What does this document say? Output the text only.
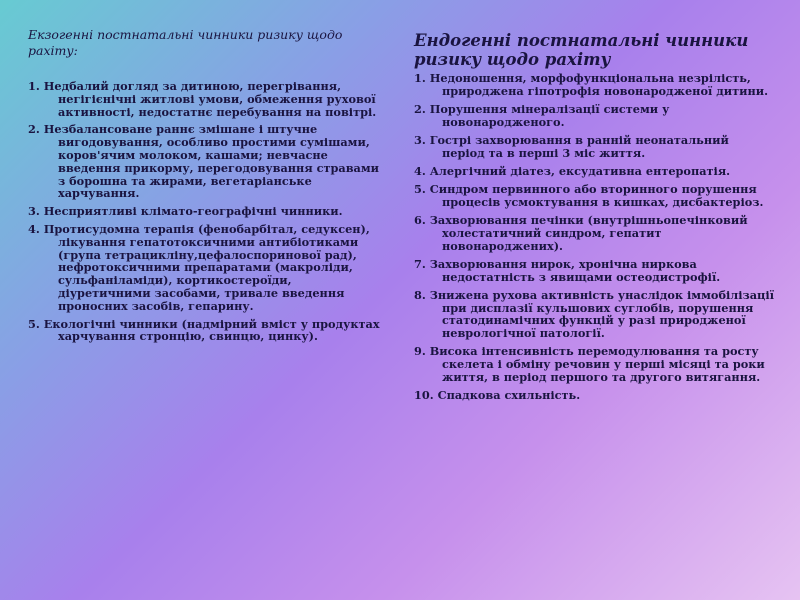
Екзогенні постнатальні чинники ризику щодо рахіту:
1. Недбалий догляд за дитиною, перегрівання, негігієнічні житлові умови, обмеження рухової активності, недостатнє перебування на повітрі.
2. Незбалансоване раннє змішане і штучне вигодовування, особливо простими сумішами, коров'ячим молоком, кашами; невчасне введення прикорму, перегодовування стравами з борошна та жирами, вегетаріанське харчування.
3. Несприятливі кліматo-географічні чинники.
4. Протисудомна терапія (фенобарбітал, седуксен), лікування гепатотоксичними антибіотиками (група тетрацикліну,цефалоспоринової рад), нефротоксичними препаратами (макроліди, сульфаніламіди), кортикостероїди, діуретичними засобами, тривале введення проносних засобів, гепарину.
5. Екологічні чинники (надмірний вміст у продуктах харчування стронцію, свинцю, цинку).
Ендогенні постнатальні чинники ризику щодо рахіту
1. Недоношення, морфофункціональна незрілість, природжена гіпотрофія новонародженої дитини.
2. Порушення мінералізації системи у новонародженого.
3. Гострі захворювання в ранній неонатальний період та в перші 3 міс життя.
4. Алергічний діатез, ексудативна ентеропатія.
5. Синдром первинного або вторинного порушення процесів усмоктування в кишках, дисбактеріоз.
6. Захворювання печінки (внутрішньопечінковий холестатичний синдром, гепатит новонароджених).
7. Захворювання нирок, хронічна ниркова недостатність з явищами остеодистрофії.
8. Знижена рухова активність унаслідок іммобілізації при дисплазії кульшових суглобів, порушення статодинамічних функцій у разі природженої неврологічної патології.
9. Висока інтенсивність перемодулювання та росту скелета і обміну речовин у перші місяці та роки життя, в період першого та другого витягання.
10. Спадкова схильність.
